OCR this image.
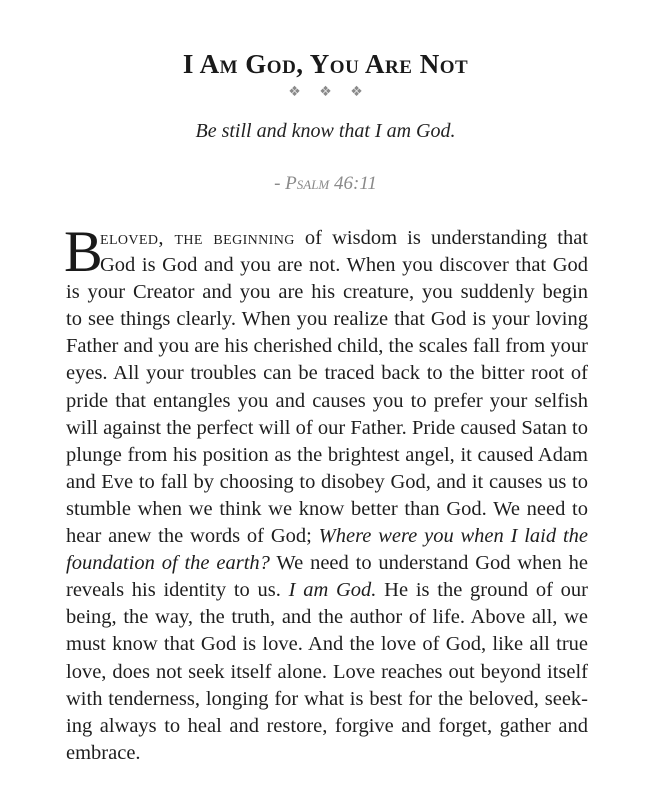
I Am God, You Are Not
❖ ❖ ❖
Be still and know that I am God.
- Psalm 46:11
B
eloved, the beginning of wisdom is understanding that
God is God and you are not. When you discover that God
is your Creator and you are his creature, you suddenly begin
to see things clearly. When you realize that God is your loving
Father and you are his cherished child, the scales fall from your
eyes. All your troubles can be traced back to the bitter root of
pride that entangles you and causes you to prefer your selfish
will against the perfect will of our Father. Pride caused Satan to
plunge from his position as the brightest angel, it caused Adam
and Eve to fall by choosing to disobey God, and it causes us to
stumble when we think we know better than God. We need to
hear anew the words of God; Where were you when I laid the
foundation of the earth? We need to understand God when he
reveals his identity to us. I am God. He is the ground of our
being, the way, the truth, and the author of life. Above all, we
must know that God is love. And the love of God, like all true
love, does not seek itself alone. Love reaches out beyond itself
with tenderness, longing for what is best for the beloved, seek-
ing always to heal and restore, forgive and forget, gather and
embrace.
